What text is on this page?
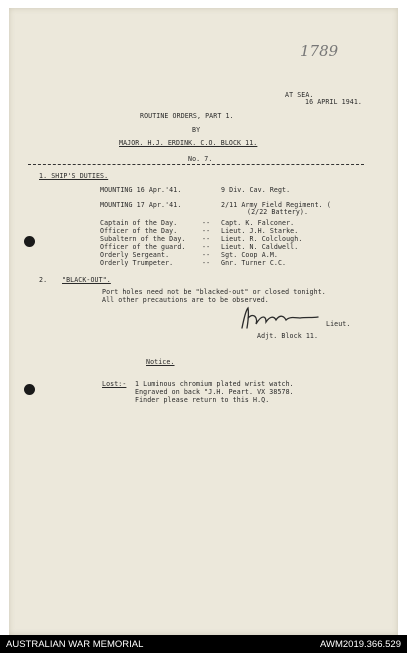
1789
AT SEA.
16 APRIL 1941.
ROUTINE ORDERS, PART 1.
BY
MAJOR. H.J. ERDINK. C.O. BLOCK 11.
No. 7.
1. SHIP'S DUTIES.
MOUNTING 16 Apr.'41.	9 Div. Cav. Regt.
MOUNTING 17 Apr.'41.	2/11 Army Field Regiment. (
(2/22 Battery).
Captain of the Day.	-- Capt. K. Falconer.
Officer of the Day.	-- Lieut. J.H. Starke.
Subaltern of the Day.	-- Lieut. R. Colclough.
Officer of the guard.	-- Lieut. N. Caldwell.
Orderly Sergeant.	-- Sgt. Coop A.M.
Orderly Trumpeter.	-- Gnr. Turner C.C.
2. "BLACK-OUT".
Port holes need not be "blacked-out" or closed tonight.
All other precautions are to be observed.
Lieut.
Adjt. Block 11.
Notice.
Lost:- 1 Luminous chromium plated wrist watch.
Engraved on back "J.H. Peart. VX 38578.
Finder please return to this H.Q.
AUSTRALIAN WAR MEMORIAL	AWM2019.366.529
